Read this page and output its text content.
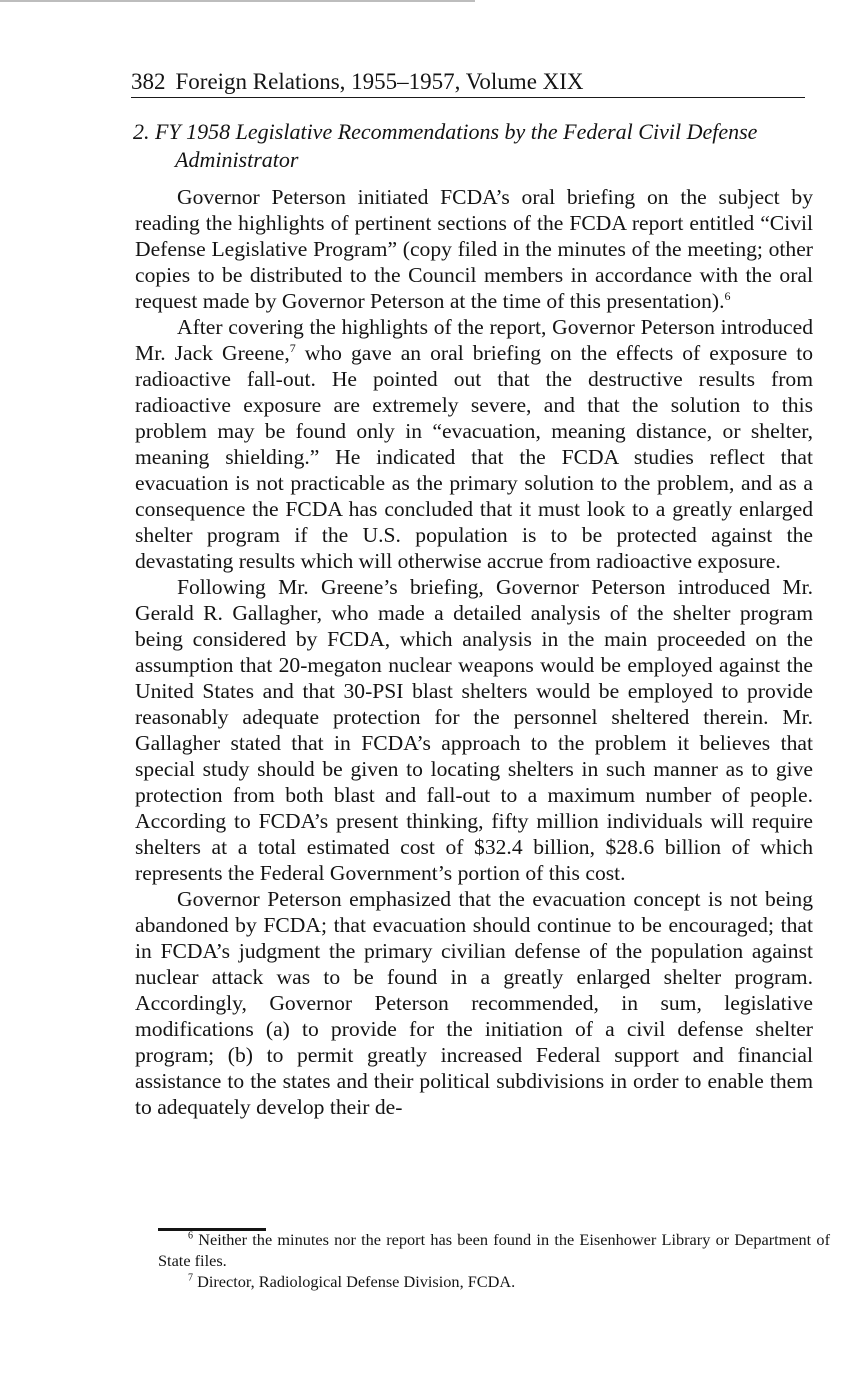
382 Foreign Relations, 1955–1957, Volume XIX
2. FY 1958 Legislative Recommendations by the Federal Civil Defense
Administrator

Governor Peterson initiated FCDA’s oral briefing on the subject by reading the highlights of pertinent sections of the FCDA report entitled “Civil Defense Legislative Program” (copy filed in the minutes of the meeting; other copies to be distributed to the Council members in accordance with the oral request made by Governor Peterson at the time of this presentation).$^6$

After covering the highlights of the report, Governor Peterson introduced Mr. Jack Greene,$^7$ who gave an oral briefing on the effects of exposure to radioactive fall-out. He pointed out that the destructive results from radioactive exposure are extremely severe, and that the solution to this problem may be found only in “evacuation, meaning distance, or shelter, meaning shielding.” He indicated that the FCDA studies reflect that evacuation is not practicable as the primary solution to the problem, and as a consequence the FCDA has concluded that it must look to a greatly enlarged shelter program if the U.S. population is to be protected against the devastating results which will otherwise accrue from radioactive exposure.

Following Mr. Greene’s briefing, Governor Peterson introduced Mr. Gerald R. Gallagher, who made a detailed analysis of the shelter program being considered by FCDA, which analysis in the main proceeded on the assumption that 20-megaton nuclear weapons would be employed against the United States and that 30-PSI blast shelters would be employed to provide reasonably adequate protection for the personnel sheltered therein. Mr. Gallagher stated that in FCDA’s approach to the problem it believes that special study should be given to locating shelters in such manner as to give protection from both blast and fall-out to a maximum number of people. According to FCDA’s present thinking, fifty million individuals will require shelters at a total estimated cost of $32.4 billion, $28.6 billion of which represents the Federal Government’s portion of this cost.

Governor Peterson emphasized that the evacuation concept is not being abandoned by FCDA; that evacuation should continue to be encouraged; that in FCDA’s judgment the primary civilian defense of the population against nuclear attack was to be found in a greatly enlarged shelter program. Accordingly, Governor Peterson recommended, in sum, legislative modifications (a) to provide for the initiation of a civil defense shelter program; (b) to permit greatly increased Federal support and financial assistance to the states and their political subdivisions in order to enable them to adequately develop their de-

$^6$ Neither the minutes nor the report has been found in the Eisenhower Library or Department of State files.

$^7$ Director, Radiological Defense Division, FCDA.
